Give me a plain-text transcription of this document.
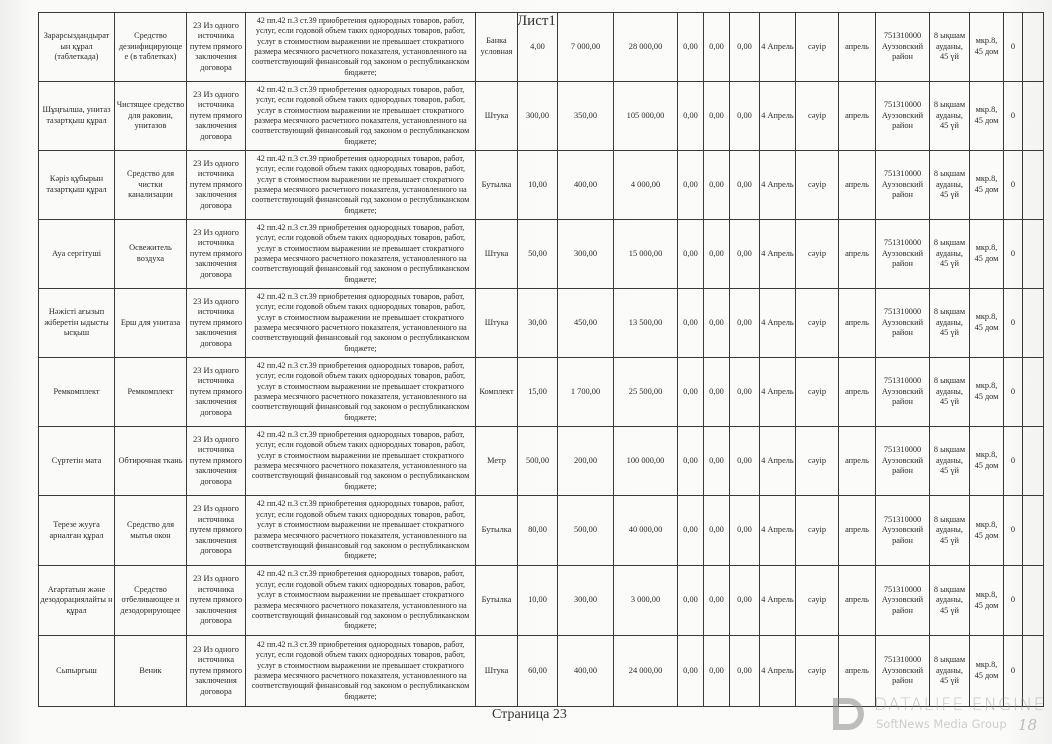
Зарарсыздандырат ын құрал (таблеткада)	Средство дезинфицирующе е (в таблетках)	23 Из одного источника путем прямого заключения договора	42 пп.42 п.3 ст.39 приобретения однородных товаров, работ, услуг, если годовой объем таких однородных товаров, работ, услуг в стоимостном выражении не превышает стократного размера месячного расчетного показателя, установленного на соответствующий финансовый год законом о республиканском бюджете;	Банка условная	4,00	7 000,00	28 000,00	0,00	0,00	0,00	4 Апрель	сәуір	апрель	751310000 Ауэзовский район	8 ықшам ауданы, 45 үй	мкр.8, 45 дом	0	
Шұңғылша, унитаз тазартқыш құрал	Чистящее средство для раковин, унитазов	23 Из одного источника путем прямого заключения договора	42 пп.42 п.3 ст.39 приобретения однородных товаров, работ, услуг, если годовой объем таких однородных товаров, работ, услуг в стоимостном выражении не превышает стократного размера месячного расчетного показателя, установленного на соответствующий финансовый год законом о республиканском бюджете;	Штука	300,00	350,00	105 000,00	0,00	0,00	0,00	4 Апрель	сәуір	апрель	751310000 Ауэзовский район	8 ықшам ауданы, 45 үй	мкр.8, 45 дом	0	
Кәріз құбырын тазартқыш құрал	Средство для чистки канализации	23 Из одного источника путем прямого заключения договора	42 пп.42 п.3 ст.39 приобретения однородных товаров, работ, услуг, если годовой объем таких однородных товаров, работ, услуг в стоимостном выражении не превышает стократного размера месячного расчетного показателя, установленного на соответствующий финансовый год законом о республиканском бюджете;	Бутылка	10,00	400,00	4 000,00	0,00	0,00	0,00	4 Апрель	сәуір	апрель	751310000 Ауэзовский район	8 ықшам ауданы, 45 үй	мкр.8, 45 дом	0	
Ауа сергітуші	Освежитель воздуха	23 Из одного источника путем прямого заключения договора	42 пп.42 п.3 ст.39 приобретения однородных товаров, работ, услуг, если годовой объем таких однородных товаров, работ, услуг в стоимостном выражении не превышает стократного размера месячного расчетного показателя, установленного на соответствующий финансовый год законом о республиканском бюджете;	Штука	50,00	300,00	15 000,00	0,00	0,00	0,00	4 Апрель	сәуір	апрель	751310000 Ауэзовский район	8 ықшам ауданы, 45 үй	мкр.8, 45 дом	0	
Нәжісті ағызып жіберетін ыдысты ысқыш	Ерш для унитаза	23 Из одного источника путем прямого заключения договора	42 пп.42 п.3 ст.39 приобретения однородных товаров, работ, услуг, если годовой объем таких однородных товаров, работ, услуг в стоимостном выражении не превышает стократного размера месячного расчетного показателя, установленного на соответствующий финансовый год законом о республиканском бюджете;	Штука	30,00	450,00	13 500,00	0,00	0,00	0,00	4 Апрель	сәуір	апрель	751310000 Ауэзовский район	8 ықшам ауданы, 45 үй	мкр.8, 45 дом	0	
Ремкомплект	Ремкомплект	23 Из одного источника путем прямого заключения договора	42 пп.42 п.3 ст.39 приобретения однородных товаров, работ, услуг, если годовой объем таких однородных товаров, работ, услуг в стоимостном выражении не превышает стократного размера месячного расчетного показателя, установленного на соответствующий финансовый год законом о республиканском бюджете;	Комплект	15,00	1 700,00	25 500,00	0,00	0,00	0,00	4 Апрель	сәуір	апрель	751310000 Ауэзовский район	8 ықшам ауданы, 45 үй	мкр.8, 45 дом	0	
Сүртетін мата	Обтирочная ткань	23 Из одного источника путем прямого заключения договора	42 пп.42 п.3 ст.39 приобретения однородных товаров, работ, услуг, если годовой объем таких однородных товаров, работ, услуг в стоимостном выражении не превышает стократного размера месячного расчетного показателя, установленного на соответствующий финансовый год законом о республиканском бюджете;	Метр	500,00	200,00	100 000,00	0,00	0,00	0,00	4 Апрель	сәуір	апрель	751310000 Ауэзовский район	8 ықшам ауданы, 45 үй	мкр.8, 45 дом	0	
Терезе жууға арналған құрал	Средство для мытья окон	23 Из одного источника путем прямого заключения договора	42 пп.42 п.3 ст.39 приобретения однородных товаров, работ, услуг, если годовой объем таких однородных товаров, работ, услуг в стоимостном выражении не превышает стократного размера месячного расчетного показателя, установленного на соответствующий финансовый год законом о республиканском бюджете;	Бутылка	80,00	500,00	40 000,00	0,00	0,00	0,00	4 Апрель	сәуір	апрель	751310000 Ауэзовский район	8 ықшам ауданы, 45 үй	мкр.8, 45 дом	0	
Ағартатын және дезодорациялайты н құрал	Средство отбеливающее и дезодорирующее	23 Из одного источника путем прямого заключения договора	42 пп.42 п.3 ст.39 приобретения однородных товаров, работ, услуг, если годовой объем таких однородных товаров, работ, услуг в стоимостном выражении не превышает стократного размера месячного расчетного показателя, установленного на соответствующий финансовый год законом о республиканском бюджете;	Бутылка	10,00	300,00	3 000,00	0,00	0,00	0,00	4 Апрель	сәуір	апрель	751310000 Ауэзовский район	8 ықшам ауданы, 45 үй	мкр.8, 45 дом	0	
Сыпырғыш	Веник	23 Из одного источника путем прямого заключения договора	42 пп.42 п.3 ст.39 приобретения однородных товаров, работ, услуг, если годовой объем таких однородных товаров, работ, услуг в стоимостном выражении не превышает стократного размера месячного расчетного показателя, установленного на соответствующий финансовый год законом о республиканском бюджете;	Штука	60,00	400,00	24 000,00	0,00	0,00	0,00	4 Апрель	сәуір	апрель	751310000 Ауэзовский район	8 ықшам ауданы, 45 үй	мкр.8, 45 дом	0	
Лист1
Страница 23	DATALIFE ENGINE
SoftNews Media Group 18
